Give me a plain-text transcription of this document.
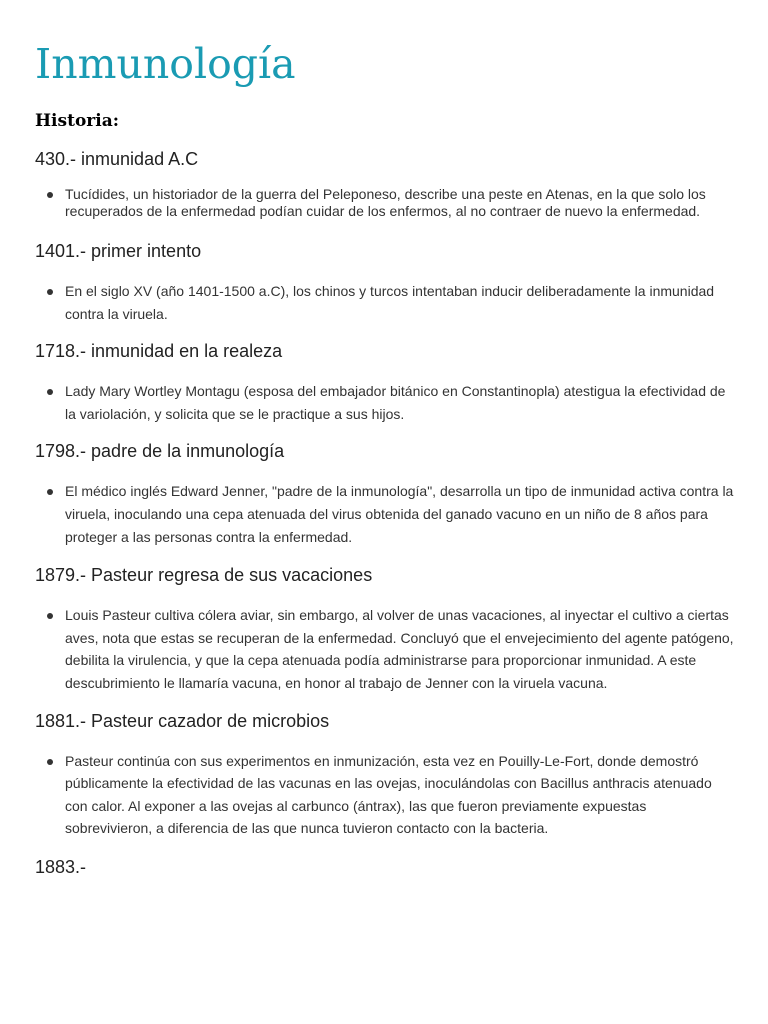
Inmunología
Historia:
430.- inmunidad A.C
Tucídides, un historiador de la guerra del Peleponeso, describe una peste en Atenas, en la que solo los recuperados de la enfermedad podían cuidar de los enfermos, al no contraer de nuevo la enfermedad.
1401.- primer intento
En el siglo XV (año 1401-1500 a.C), los chinos y turcos intentaban inducir deliberadamente la inmunidad contra la viruela.
1718.- inmunidad en la realeza
Lady Mary Wortley Montagu (esposa del embajador bitánico en Constantinopla) atestigua la efectividad de la variolación, y solicita que se le practique a sus hijos.
1798.- padre de la inmunología
El médico inglés Edward Jenner, "padre de la inmunología", desarrolla un tipo de inmunidad activa contra la viruela, inoculando una cepa atenuada del virus obtenida del ganado vacuno en un niño de 8 años para proteger a las personas contra la enfermedad.
1879.- Pasteur regresa de sus vacaciones
Louis Pasteur cultiva cólera aviar, sin embargo, al volver de unas vacaciones, al inyectar el cultivo a ciertas aves, nota que estas se recuperan de la enfermedad. Concluyó que el envejecimiento del agente patógeno, debilita la virulencia, y que la cepa atenuada podía administrarse para proporcionar inmunidad. A este descubrimiento le llamaría vacuna, en honor al trabajo de Jenner con la viruela vacuna.
1881.- Pasteur cazador de microbios
Pasteur continúa con sus experimentos en inmunización, esta vez en Pouilly-Le-Fort, donde demostró públicamente la efectividad de las vacunas en las ovejas, inoculándolas con Bacillus anthracis atenuado con calor. Al exponer a las ovejas al carbunco (ántrax), las que fueron previamente expuestas sobrevivieron, a diferencia de las que nunca tuvieron contacto con la bacteria.
1883.-
